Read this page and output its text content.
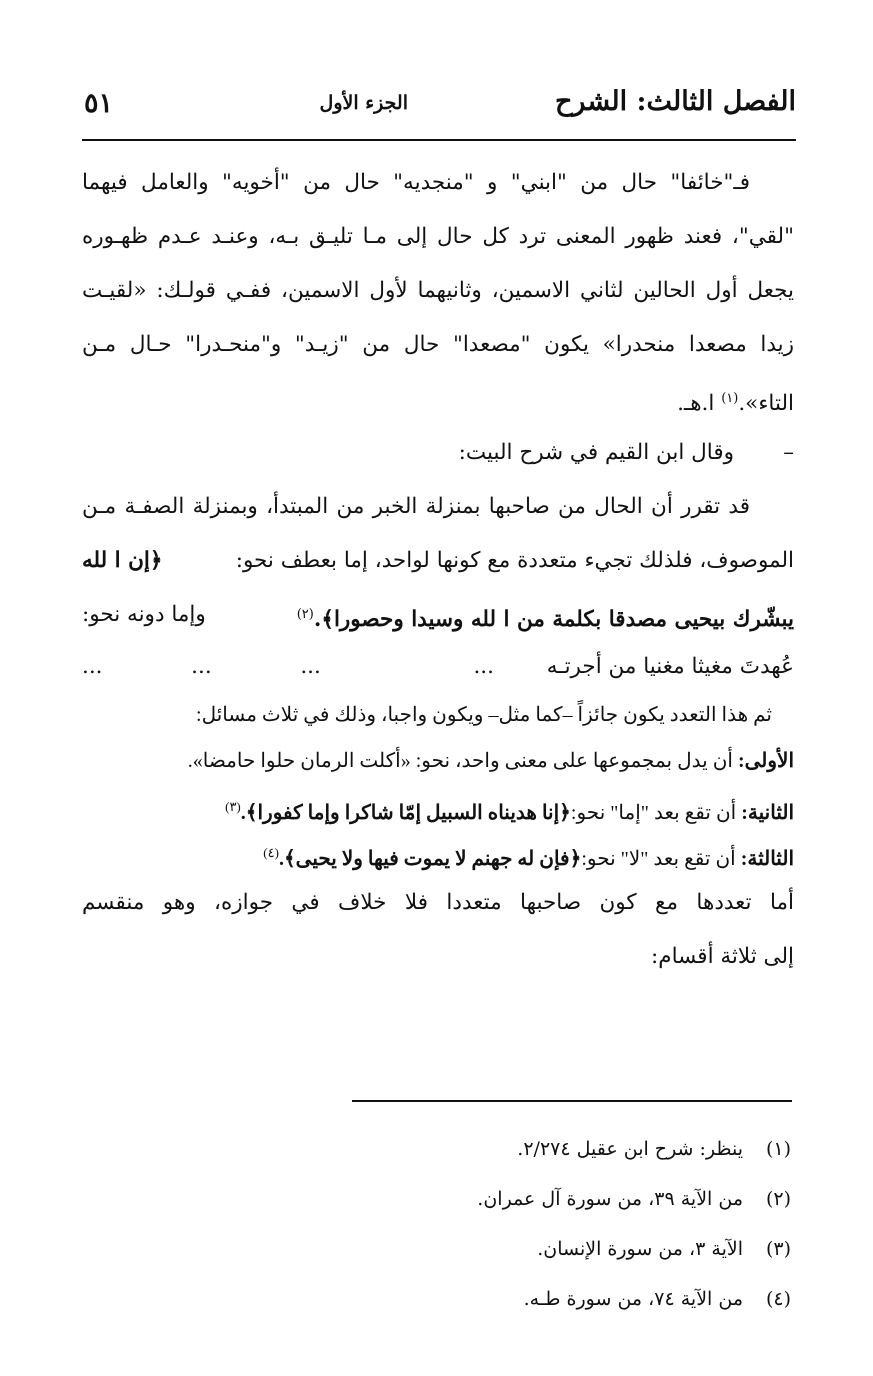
الفصل الثالث: الشرح
الجزء الأول
٥١
فـ"خائفا" حال من "ابني" و "منجديه" حال من "أخويه" والعامل فيهما
"لقي"، فعند ظهور المعنى ترد كل حال إلى مـا تليـق بـه، وعنـد عـدم ظهـوره
يجعل أول الحالين لثاني الاسمين، وثانيهما لأول الاسمين، ففـي قولـك: «لقيـت
زيدا مصعدا منحدرا» يكون "مصعدا" حال من "زيـد" و"منحـدرا" حـال مـن
التاء».$^{(١)}$ ا.هـ.
–وقال ابن القيم في شرح البيت:
قد تقرر أن الحال من صاحبها بمنزلة الخبر من المبتدأ، وبمنزلة الصفـة مـن
الموصوف، فلذلك تجيء متعددة مع كونها لواحد، إما بعطف نحو:
﴿إن ا لله
يبشّرك بيحيى مصدقا بكلمة من ا لله وسيدا وحصورا﴾.$^{(٢)}$
وإما دونه نحو:
عُهدتَ مغيثا مغنيا من أجرتـه
...	...	...	...
ثم هذا التعدد يكون جائزاً –كما مثل– ويكون واجبا، وذلك في ثلاث مسائل:
الأولى: أن يدل بمجموعها على معنى واحد، نحو: «أكلت الرمان حلوا حامضا».
الثانية: أن تقع بعد "إما" نحو:﴿إنا هديناه السبيل إمّا شاكرا وإما كفورا﴾.$^{(٣)}$
الثالثة: أن تقع بعد "لا" نحو:﴿فإن له جهنم لا يموت فيها ولا يحيى﴾.$^{(٤)}$
أما تعددها مع كون صاحبها متعددا فلا خلاف في جوازه، وهو منقسم
إلى ثلاثة أقسام:
(١)
ينظر: شرح ابن عقيل ٢/٢٧٤.
(٢)
من الآية ٣٩، من سورة آل عمران.
(٣)
الآية ٣، من سورة الإنسان.
(٤)
من الآية ٧٤، من سورة طـه.
